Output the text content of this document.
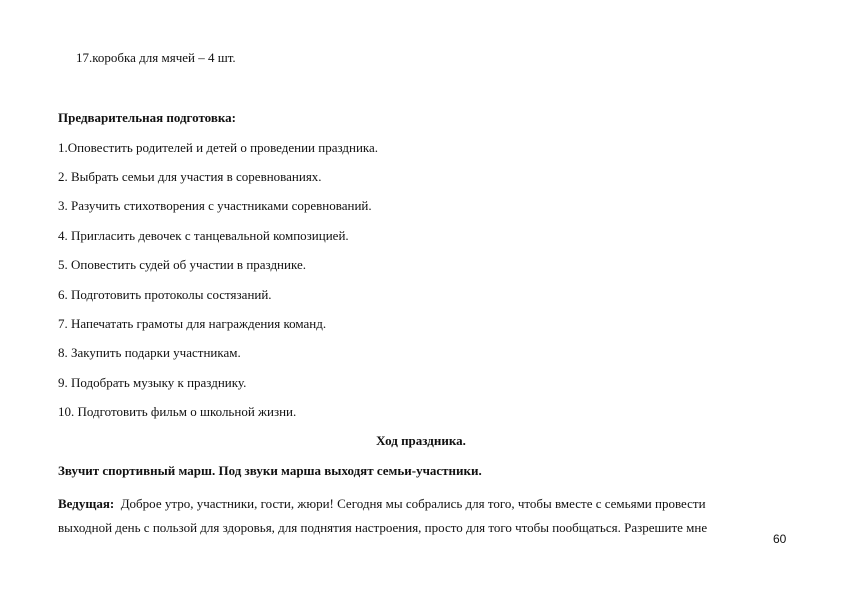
17.коробка для мячей – 4 шт.
Предварительная подготовка:
1.Оповестить родителей и детей о проведении праздника.
2. Выбрать семьи для участия в соревнованиях.
3. Разучить стихотворения с участниками соревнований.
4. Пригласить девочек с танцевальной композицией.
5. Оповестить судей об участии в празднике.
6. Подготовить протоколы состязаний.
7. Напечатать грамоты для награждения команд.
8. Закупить подарки участникам.
9. Подобрать музыку к празднику.
10. Подготовить фильм о школьной жизни.
Ход праздника.
Звучит спортивный марш. Под звуки марша выходят семьи-участники.
Ведущая: Доброе утро, участники, гости, жюри! Сегодня мы собрались для того, чтобы вместе с семьями провести
выходной день с пользой для здоровья, для поднятия настроения, просто для того чтобы пообщаться. Разрешите мне
60
